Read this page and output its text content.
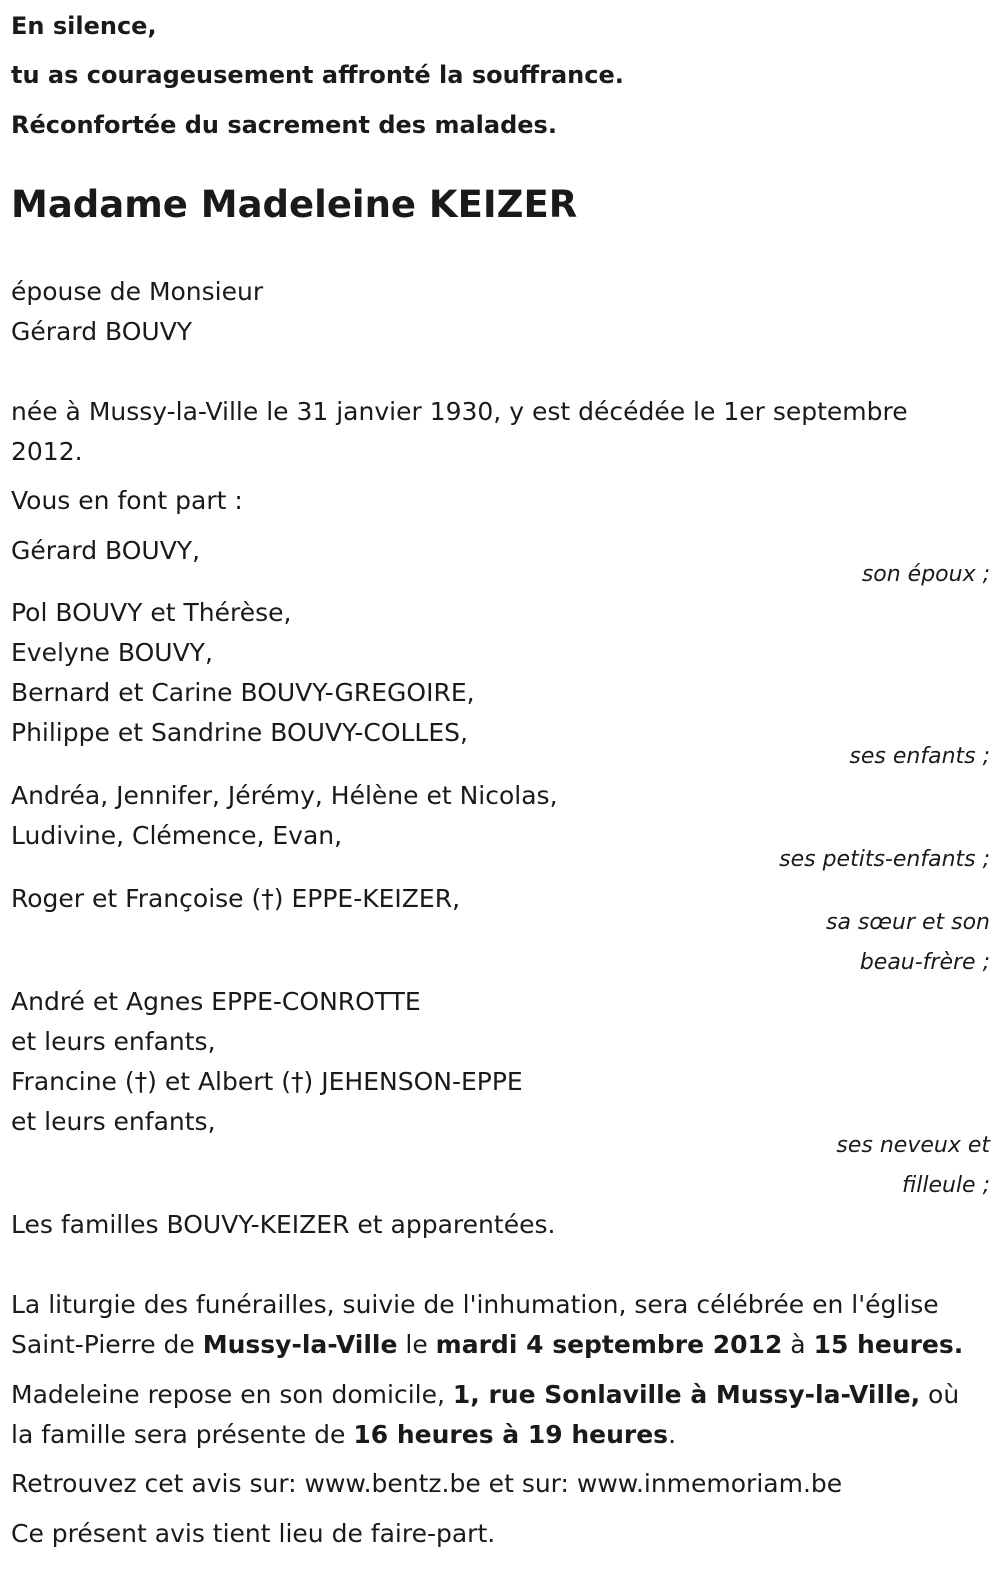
En silence,
tu as courageusement affronté la souffrance.
Réconfortée du sacrement des malades.
Madame Madeleine KEIZER
épouse de Monsieur
Gérard BOUVY
née à Mussy-la-Ville le 31 janvier 1930, y est décédée le 1er septembre
2012.
Vous en font part :
Gérard BOUVY,
son époux ;
Pol BOUVY et Thérèse,
Evelyne BOUVY,
Bernard et Carine BOUVY-GREGOIRE,
Philippe et Sandrine BOUVY-COLLES,
ses enfants ;
Andréa, Jennifer, Jérémy, Hélène et Nicolas,
Ludivine, Clémence, Evan,
ses petits-enfants ;
Roger et Françoise (†) EPPE-KEIZER,
sa sœur et son
beau-frère ;
André et Agnes EPPE-CONROTTE
et leurs enfants,
Francine (†) et Albert (†) JEHENSON-EPPE
et leurs enfants,
ses neveux et
filleule ;
Les familles BOUVY-KEIZER et apparentées.
La liturgie des funérailles, suivie de l'inhumation, sera célébrée en l'église
Saint-Pierre de Mussy-la-Ville le mardi 4 septembre 2012 à 15 heures.
Madeleine repose en son domicile, 1, rue Sonlaville à Mussy-la-Ville, où
la famille sera présente de 16 heures à 19 heures.
Retrouvez cet avis sur: www.bentz.be et sur: www.inmemoriam.be
Ce présent avis tient lieu de faire-part.
